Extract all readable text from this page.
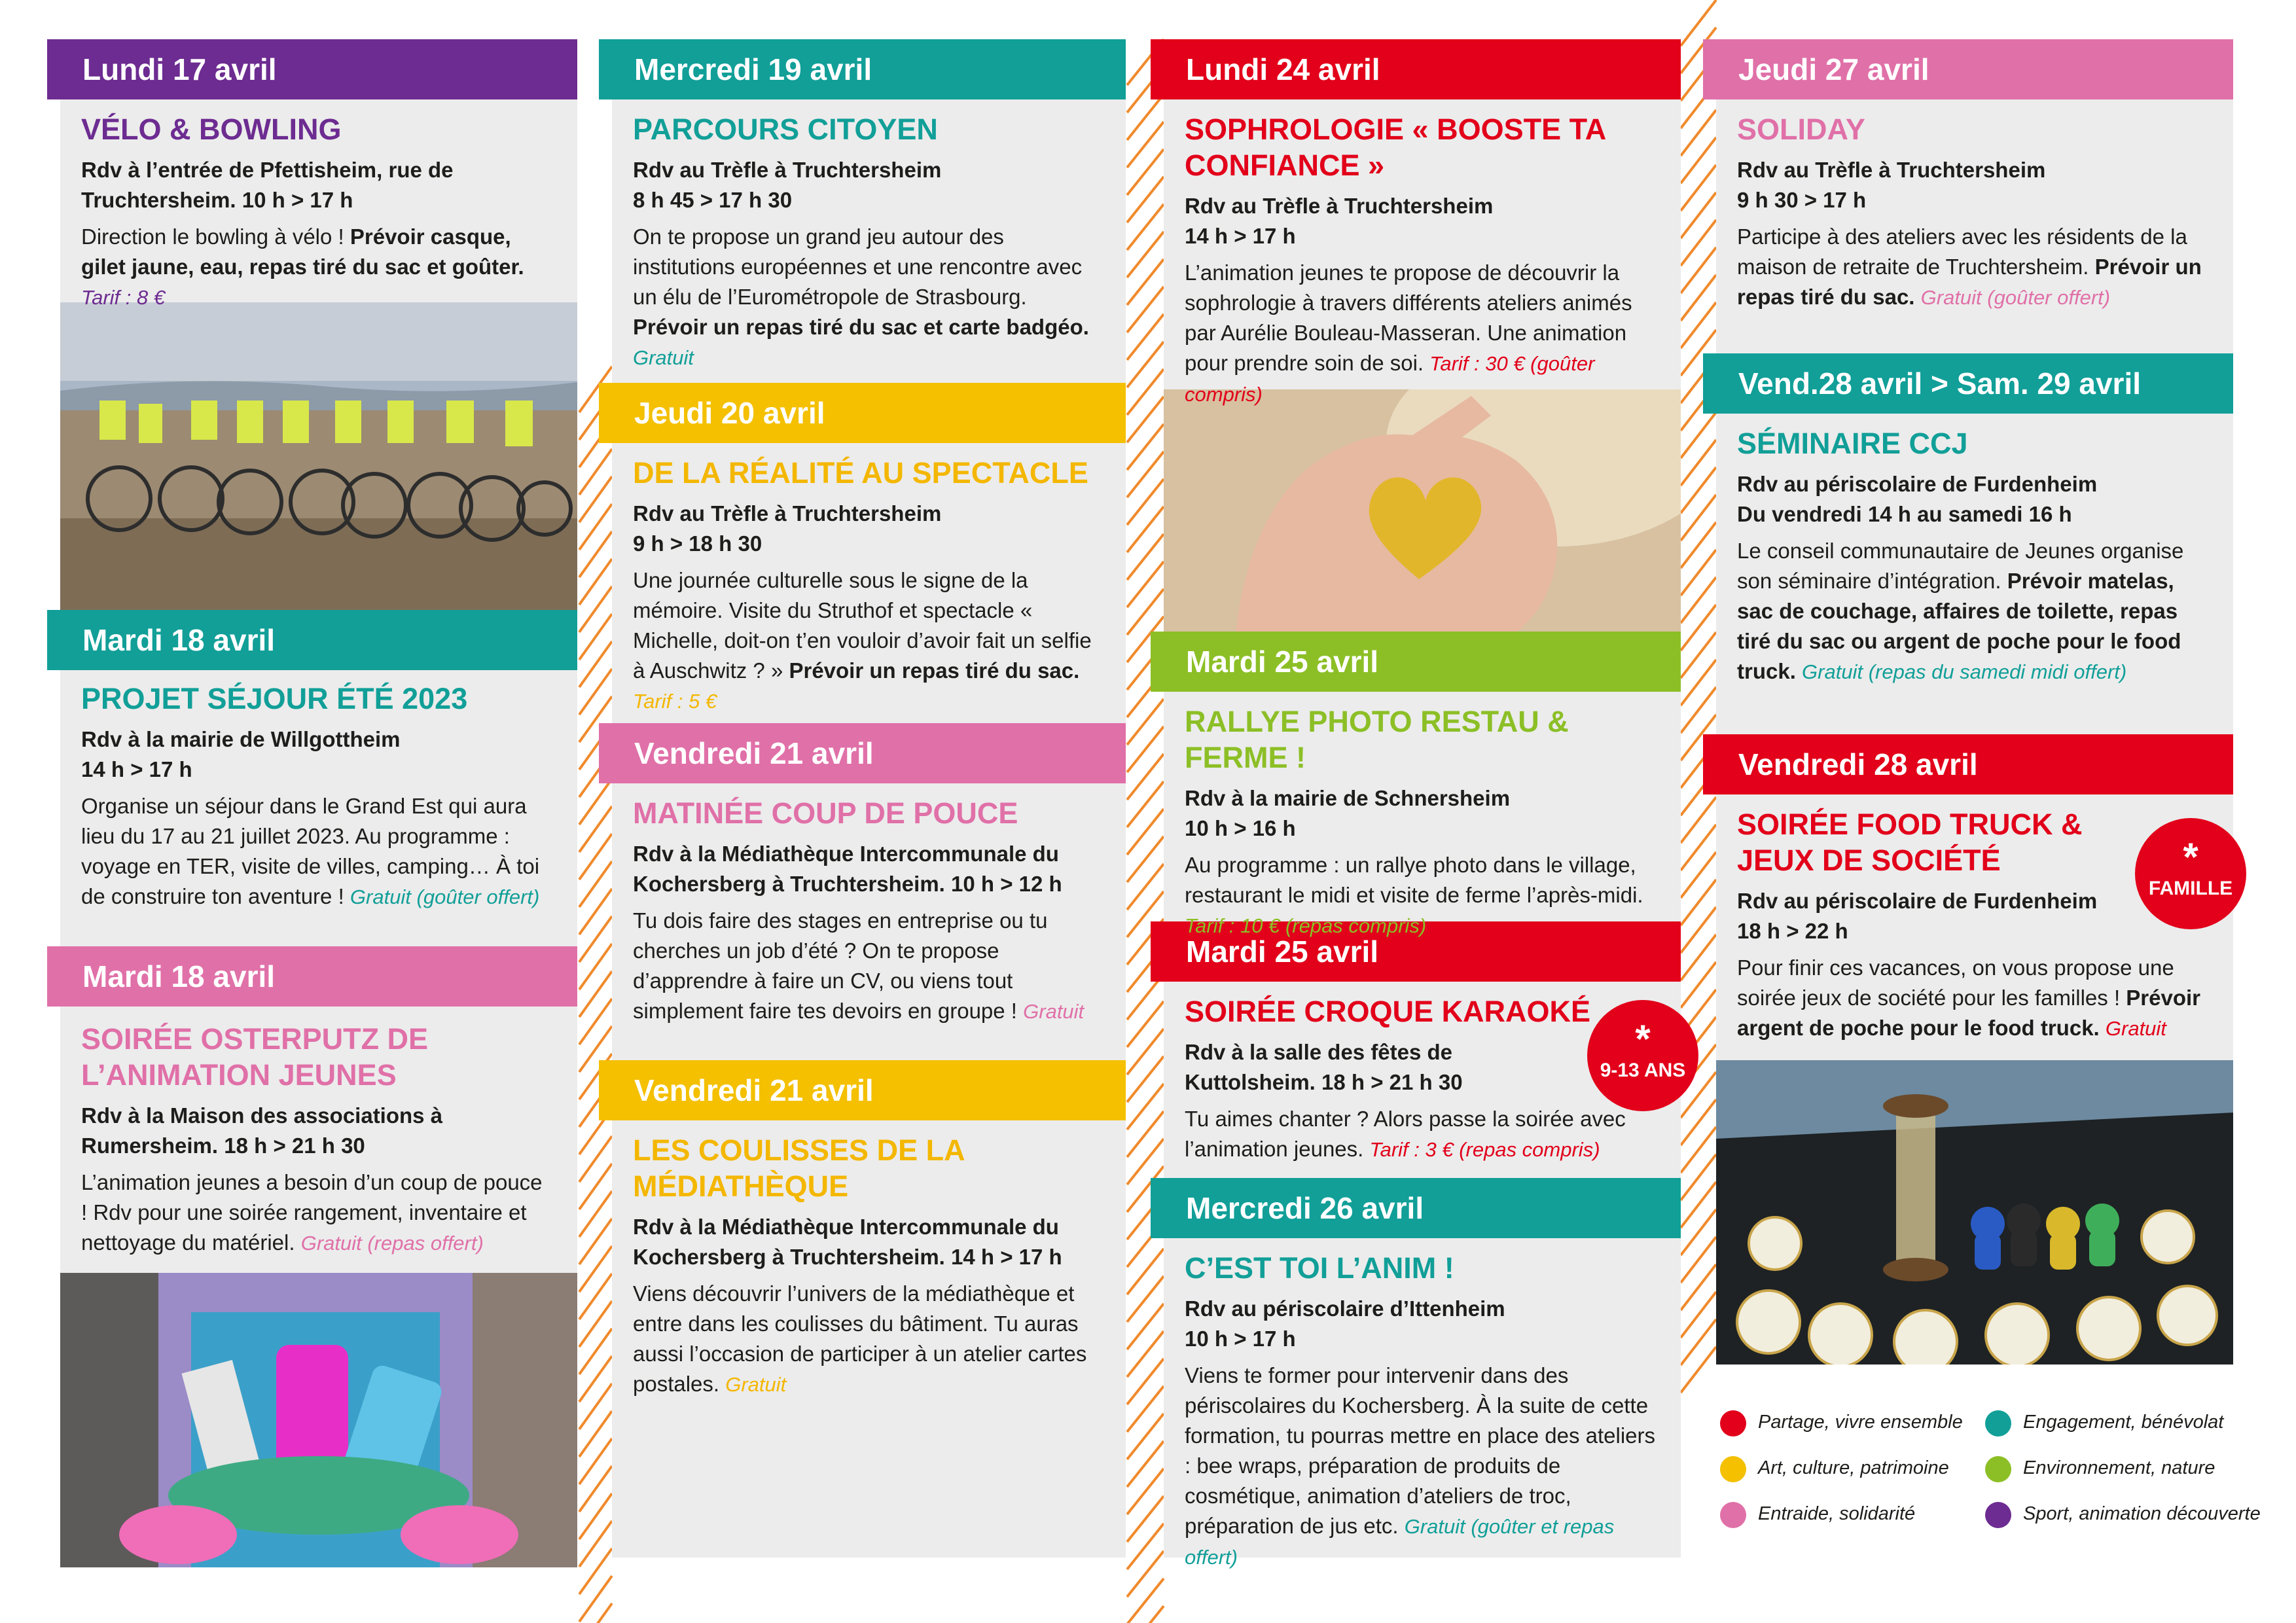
Lundi 17 avril
VÉLO & BOWLING
Rdv à l’entrée de Pfettisheim, rue de Truchtersheim. 10 h > 17 h
Direction le bowling à vélo ! Prévoir casque, gilet jaune, eau, repas tiré du sac et goûter. Tarif : 8 €
Mardi 18 avril
PROJET SÉJOUR ÉTÉ 2023
Rdv à la mairie de Willgottheim
14 h > 17 h
Organise un séjour dans le Grand Est qui aura lieu du 17 au 21 juillet 2023. Au programme : voyage en TER, visite de villes, camping… À toi de construire ton aventure ! Gratuit (goûter offert)
Mardi 18 avril
SOIRÉE OSTERPUTZ DE L’ANIMATION JEUNES
Rdv à la Maison des associations à Rumersheim. 18 h > 21 h 30
L’animation jeunes a besoin d’un coup de pouce ! Rdv pour une soirée rangement, inventaire et nettoyage du matériel. Gratuit (repas offert)
Mercredi 19 avril
PARCOURS CITOYEN
Rdv au Trèfle à Truchtersheim
8 h 45 > 17 h 30
On te propose un grand jeu autour des institutions européennes et une rencontre avec un élu de l’Eurométropole de Strasbourg. Prévoir un repas tiré du sac et carte badgéo. Gratuit
Jeudi 20 avril
DE LA RÉALITÉ AU SPECTACLE
Rdv au Trèfle à Truchtersheim
9 h > 18 h 30
Une journée culturelle sous le signe de la mémoire. Visite du Struthof et spectacle « Michelle, doit-on t’en vouloir d’avoir fait un selfie à Auschwitz ? » Prévoir un repas tiré du sac. Tarif : 5 €
Vendredi 21 avril
MATINÉE COUP DE POUCE
Rdv à la Médiathèque Intercommunale du Kochersberg à Truchtersheim. 10 h > 12 h
Tu dois faire des stages en entreprise ou tu cherches un job d’été ? On te propose d’apprendre à faire un CV, ou viens tout simplement faire tes devoirs en groupe ! Gratuit
Vendredi 21 avril
LES COULISSES DE LA MÉDIATHÈQUE
Rdv à la Médiathèque Intercommunale du Kochersberg à Truchtersheim. 14 h > 17 h
Viens découvrir l’univers de la médiathèque et entre dans les coulisses du bâtiment. Tu auras aussi l’occasion de participer à un atelier cartes postales. Gratuit
Lundi 24 avril
SOPHROLOGIE « BOOSTE TA CONFIANCE »
Rdv au Trèfle à Truchtersheim
14 h > 17 h
L’animation jeunes te propose de découvrir la sophrologie à travers différents ateliers animés par Aurélie Bouleau-Masseran. Une animation pour prendre soin de soi. Tarif : 30 € (goûter compris)
Mardi 25 avril
RALLYE PHOTO RESTAU & FERME !
Rdv à la mairie de Schnersheim
10 h > 16 h
Au programme : un rallye photo dans le village, restaurant le midi et visite de ferme l’après-midi. Tarif : 10 € (repas compris)
Mardi 25 avril
SOIRÉE CROQUE KARAOKÉ
Rdv à la salle des fêtes de Kuttolsheim. 18 h > 21 h 30
Tu aimes chanter ? Alors passe la soirée avec l’animation jeunes. Tarif : 3 € (repas compris)
*
9-13 ANS
Mercredi 26 avril
C’EST TOI L’ANIM !
Rdv au périscolaire d’Ittenheim
10 h > 17 h
Viens te former pour intervenir dans des périscolaires du Kochersberg. À la suite de cette formation, tu pourras mettre en place des ateliers : bee wraps, préparation de produits de cosmétique, animation d’ateliers de troc, préparation de jus etc. Gratuit (goûter et repas offert)
Jeudi 27 avril
SOLIDAY
Rdv au Trèfle à Truchtersheim
9 h 30 > 17 h
Participe à des ateliers avec les résidents de la maison de retraite de Truchtersheim. Prévoir un repas tiré du sac. Gratuit (goûter offert)
Vend.28 avril > Sam. 29 avril
SÉMINAIRE CCJ
Rdv au périscolaire de Furdenheim
Du vendredi 14 h au samedi 16 h
Le conseil communautaire de Jeunes organise son séminaire d’intégration. Prévoir matelas, sac de couchage, affaires de toilette, repas tiré du sac ou argent de poche pour le food truck. Gratuit (repas du samedi midi offert)
Vendredi 28 avril
SOIRÉE FOOD TRUCK & JEUX DE SOCIÉTÉ
Rdv au périscolaire de Furdenheim
18 h > 22 h
Pour finir ces vacances, on vous propose une soirée jeux de société pour les familles ! Prévoir argent de poche pour le food truck. Gratuit
*
FAMILLE
Partage, vivre ensemble	Engagement, bénévolat
Art, culture, patrimoine	Environnement, nature
Entraide, solidarité	Sport, animation découverte
